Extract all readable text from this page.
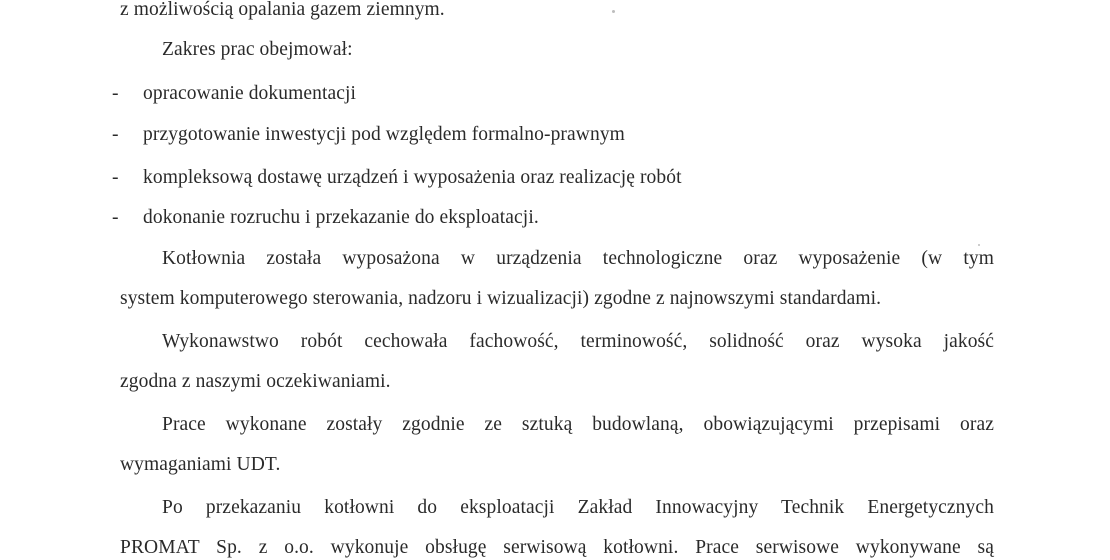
z możliwością opalania gazem ziemnym.
Zakres prac obejmował:
- opracowanie dokumentacji
- przygotowanie inwestycji pod względem formalno-prawnym
- kompleksową dostawę urządzeń i wyposażenia oraz realizację robót
- dokonanie rozruchu i przekazanie do eksploatacji.
Kotłownia została wyposażona w urządzenia technologiczne oraz wyposażenie (w tym
system komputerowego sterowania, nadzoru i wizualizacji) zgodne z najnowszymi standardami.
Wykonawstwo robót cechowała fachowość, terminowość, solidność oraz wysoka jakość
zgodna z naszymi oczekiwaniami.
Prace wykonane zostały zgodnie ze sztuką budowlaną, obowiązującymi przepisami oraz
wymaganiami UDT.
Po przekazaniu kotłowni do eksploatacji Zakład Innowacyjny Technik Energetycznych
PROMAT Sp. z o.o. wykonuje obsługę serwisową kotłowni. Prace serwisowe wykonywane są
